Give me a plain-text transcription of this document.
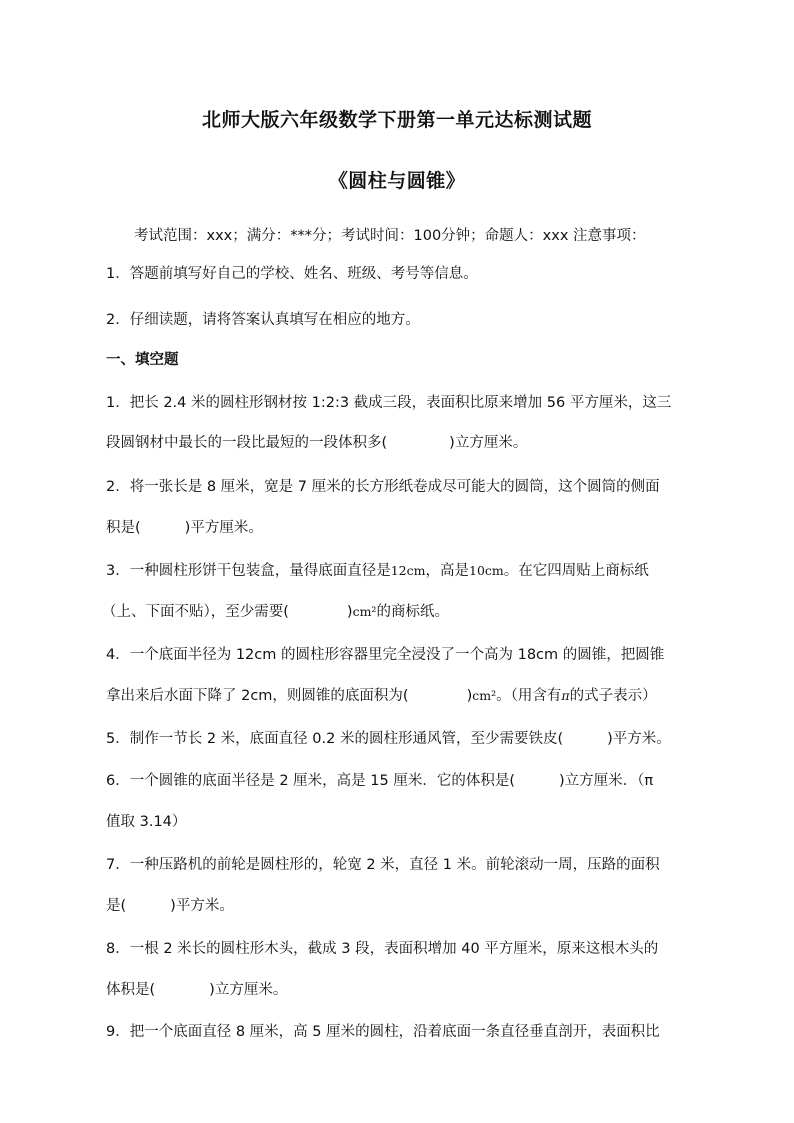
北师大版六年级数学下册第一单元达标测试题
《圆柱与圆锥》

考试范围：xxx；满分：***分；考试时间：100分钟；命题人：xxx 注意事项：

1．答题前填写好自己的学校、姓名、班级、考号等信息。

2．仔细读题，请将答案认真填写在相应的地方。

一、填空题

1．把长 2.4 米的圆柱形钢材按 1:2:3 截成三段，表面积比原来增加 56 平方厘米，这三

段圆钢材中最长的一段比最短的一段体积多(	)立方厘米。

2．将一张长是 8 厘米，宽是 7 厘米的长方形纸卷成尽可能大的圆筒，这个圆筒的侧面

积是(	)平方厘米。

3．一种圆柱形饼干包装盒，量得底面直径是12cm，高是10cm。在它四周贴上商标纸

（上、下面不贴），至少需要(	)cm²的商标纸。

4．一个底面半径为 12cm 的圆柱形容器里完全浸没了一个高为 18cm 的圆锥，把圆锥

拿出来后水面下降了 2cm，则圆锥的底面积为(	)cm²。（用含有π的式子表示）

5．制作一节长 2 米，底面直径 0.2 米的圆柱形通风管，至少需要铁皮(	)平方米。

6．一个圆锥的底面半径是 2 厘米，高是 15 厘米．它的体积是(	)立方厘米．（π

值取 3.14）

7．一种压路机的前轮是圆柱形的，轮宽 2 米，直径 1 米。前轮滚动一周，压路的面积

是(	)平方米。

8．一根 2 米长的圆柱形木头，截成 3 段，表面积增加 40 平方厘米，原来这根木头的

体积是(	)立方厘米。

9．把一个底面直径 8 厘米，高 5 厘米的圆柱，沿着底面一条直径垂直剖开，表面积比
